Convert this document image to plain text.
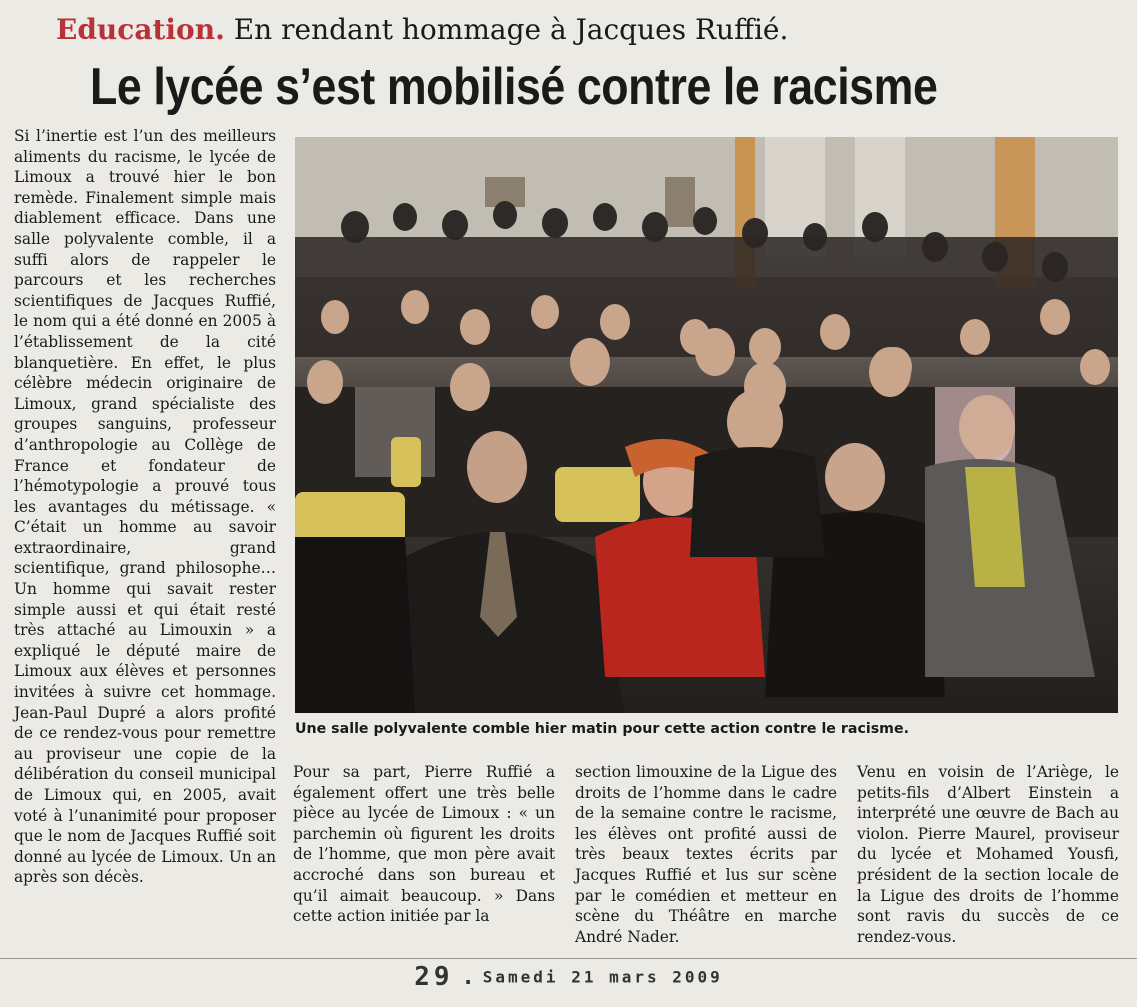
Education. En rendant hommage à Jacques Ruffié.
Le lycée s’est mobilisé contre le racisme

Si l’inertie est l’un des meilleurs aliments du racisme, le lycée de Limoux a trouvé hier le bon remède. Finalement simple mais diablement efficace. Dans une salle polyvalente comble, il a suffi alors de rappeler le parcours et les recherches scientifiques de Jacques Ruffié, le nom qui a été donné en 2005 à l’établissement de la cité blanquetière. En effet, le plus célèbre médecin originaire de Limoux, grand spécialiste des groupes sanguins, professeur d’anthropologie au Collège de France et fondateur de l’hémotypologie a prouvé tous les avantages du métissage. « C’était un homme au savoir extraordinaire, grand scientifique, grand philosophe… Un homme qui savait rester simple aussi et qui était resté très attaché au Limouxin » a expliqué le député maire de Limoux aux élèves et personnes invitées à suivre cet hommage. Jean-Paul Dupré a alors profité de ce rendez-vous pour remettre au proviseur une copie de la délibération du conseil municipal de Limoux qui, en 2005, avait voté à l’unanimité pour proposer que le nom de Jacques Ruffié soit donné au lycée de Limoux. Un an après son décès.

Une salle polyvalente comble hier matin pour cette action contre le racisme.

Pour sa part, Pierre Ruffié a également offert une très belle pièce au lycée de Limoux : « un parchemin où figurent les droits de l’homme, que mon père avait accroché dans son bureau et qu’il aimait beaucoup. » Dans cette action initiée par la

section limouxine de la Ligue des droits de l’homme dans le cadre de la semaine contre le racisme, les élèves ont profité aussi de très beaux textes écrits par Jacques Ruffié et lus sur scène par le comédien et metteur en scène du Théâtre en marche André Nader.

Venu en voisin de l’Ariège, le petits-fils d’Albert Einstein a interprété une œuvre de Bach au violon. Pierre Maurel, proviseur du lycée et Mohamed Yousfi, président de la section locale de la Ligue des droits de l’homme sont ravis du succès de ce rendez-vous.

29 . Samedi 21 mars 2009
